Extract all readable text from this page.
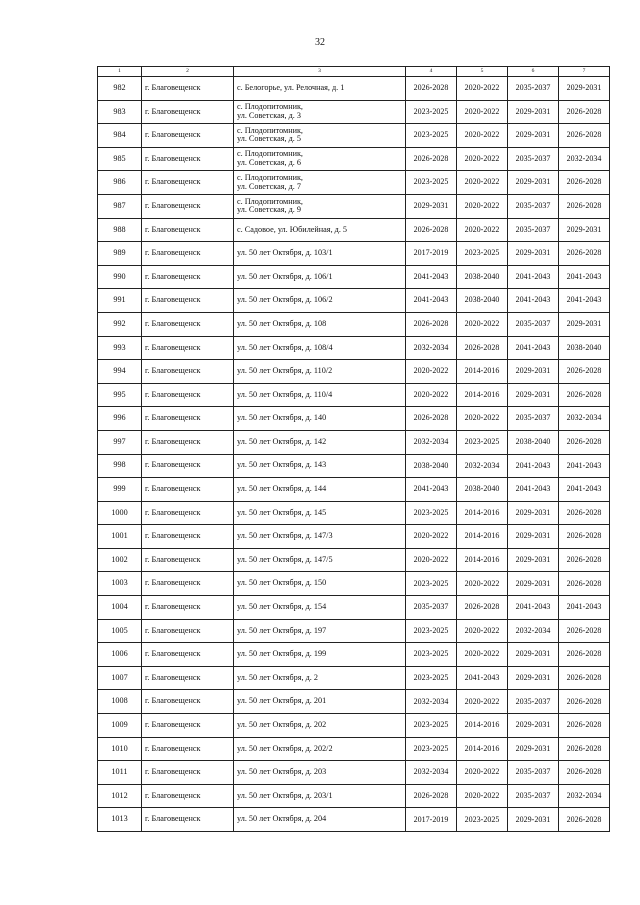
32
1	2	3	4	5	6	7
982	г. Благовещенск	с. Белогорье, ул. Релочная, д. 1	2026-2028	2020-2022	2035-2037	2029-2031
983	г. Благовещенск	с. Плодопитомник,
ул. Советская, д. 3	2023-2025	2020-2022	2029-2031	2026-2028
984	г. Благовещенск	с. Плодопитомник,
ул. Советская, д. 5	2023-2025	2020-2022	2029-2031	2026-2028
985	г. Благовещенск	с. Плодопитомник,
ул. Советская, д. 6	2026-2028	2020-2022	2035-2037	2032-2034
986	г. Благовещенск	с. Плодопитомник,
ул. Советская, д. 7	2023-2025	2020-2022	2029-2031	2026-2028
987	г. Благовещенск	с. Плодопитомник,
ул. Советская, д. 9	2029-2031	2020-2022	2035-2037	2026-2028
988	г. Благовещенск	с. Садовое, ул. Юбилейная, д. 5	2026-2028	2020-2022	2035-2037	2029-2031
989	г. Благовещенск	ул. 50 лет Октября, д. 103/1	2017-2019	2023-2025	2029-2031	2026-2028
990	г. Благовещенск	ул. 50 лет Октября, д. 106/1	2041-2043	2038-2040	2041-2043	2041-2043
991	г. Благовещенск	ул. 50 лет Октября, д. 106/2	2041-2043	2038-2040	2041-2043	2041-2043
992	г. Благовещенск	ул. 50 лет Октября, д. 108	2026-2028	2020-2022	2035-2037	2029-2031
993	г. Благовещенск	ул. 50 лет Октября, д. 108/4	2032-2034	2026-2028	2041-2043	2038-2040
994	г. Благовещенск	ул. 50 лет Октября, д. 110/2	2020-2022	2014-2016	2029-2031	2026-2028
995	г. Благовещенск	ул. 50 лет Октября, д. 110/4	2020-2022	2014-2016	2029-2031	2026-2028
996	г. Благовещенск	ул. 50 лет Октября, д. 140	2026-2028	2020-2022	2035-2037	2032-2034
997	г. Благовещенск	ул. 50 лет Октября, д. 142	2032-2034	2023-2025	2038-2040	2026-2028
998	г. Благовещенск	ул. 50 лет Октября, д. 143	2038-2040	2032-2034	2041-2043	2041-2043
999	г. Благовещенск	ул. 50 лет Октября, д. 144	2041-2043	2038-2040	2041-2043	2041-2043
1000	г. Благовещенск	ул. 50 лет Октября, д. 145	2023-2025	2014-2016	2029-2031	2026-2028
1001	г. Благовещенск	ул. 50 лет Октября, д. 147/3	2020-2022	2014-2016	2029-2031	2026-2028
1002	г. Благовещенск	ул. 50 лет Октября, д. 147/5	2020-2022	2014-2016	2029-2031	2026-2028
1003	г. Благовещенск	ул. 50 лет Октября, д. 150	2023-2025	2020-2022	2029-2031	2026-2028
1004	г. Благовещенск	ул. 50 лет Октября, д. 154	2035-2037	2026-2028	2041-2043	2041-2043
1005	г. Благовещенск	ул. 50 лет Октября, д. 197	2023-2025	2020-2022	2032-2034	2026-2028
1006	г. Благовещенск	ул. 50 лет Октября, д. 199	2023-2025	2020-2022	2029-2031	2026-2028
1007	г. Благовещенск	ул. 50 лет Октября, д. 2	2023-2025	2041-2043	2029-2031	2026-2028
1008	г. Благовещенск	ул. 50 лет Октября, д. 201	2032-2034	2020-2022	2035-2037	2026-2028
1009	г. Благовещенск	ул. 50 лет Октября, д. 202	2023-2025	2014-2016	2029-2031	2026-2028
1010	г. Благовещенск	ул. 50 лет Октября, д. 202/2	2023-2025	2014-2016	2029-2031	2026-2028
1011	г. Благовещенск	ул. 50 лет Октября, д. 203	2032-2034	2020-2022	2035-2037	2026-2028
1012	г. Благовещенск	ул. 50 лет Октября, д. 203/1	2026-2028	2020-2022	2035-2037	2032-2034
1013	г. Благовещенск	ул. 50 лет Октября, д. 204	2017-2019	2023-2025	2029-2031	2026-2028
